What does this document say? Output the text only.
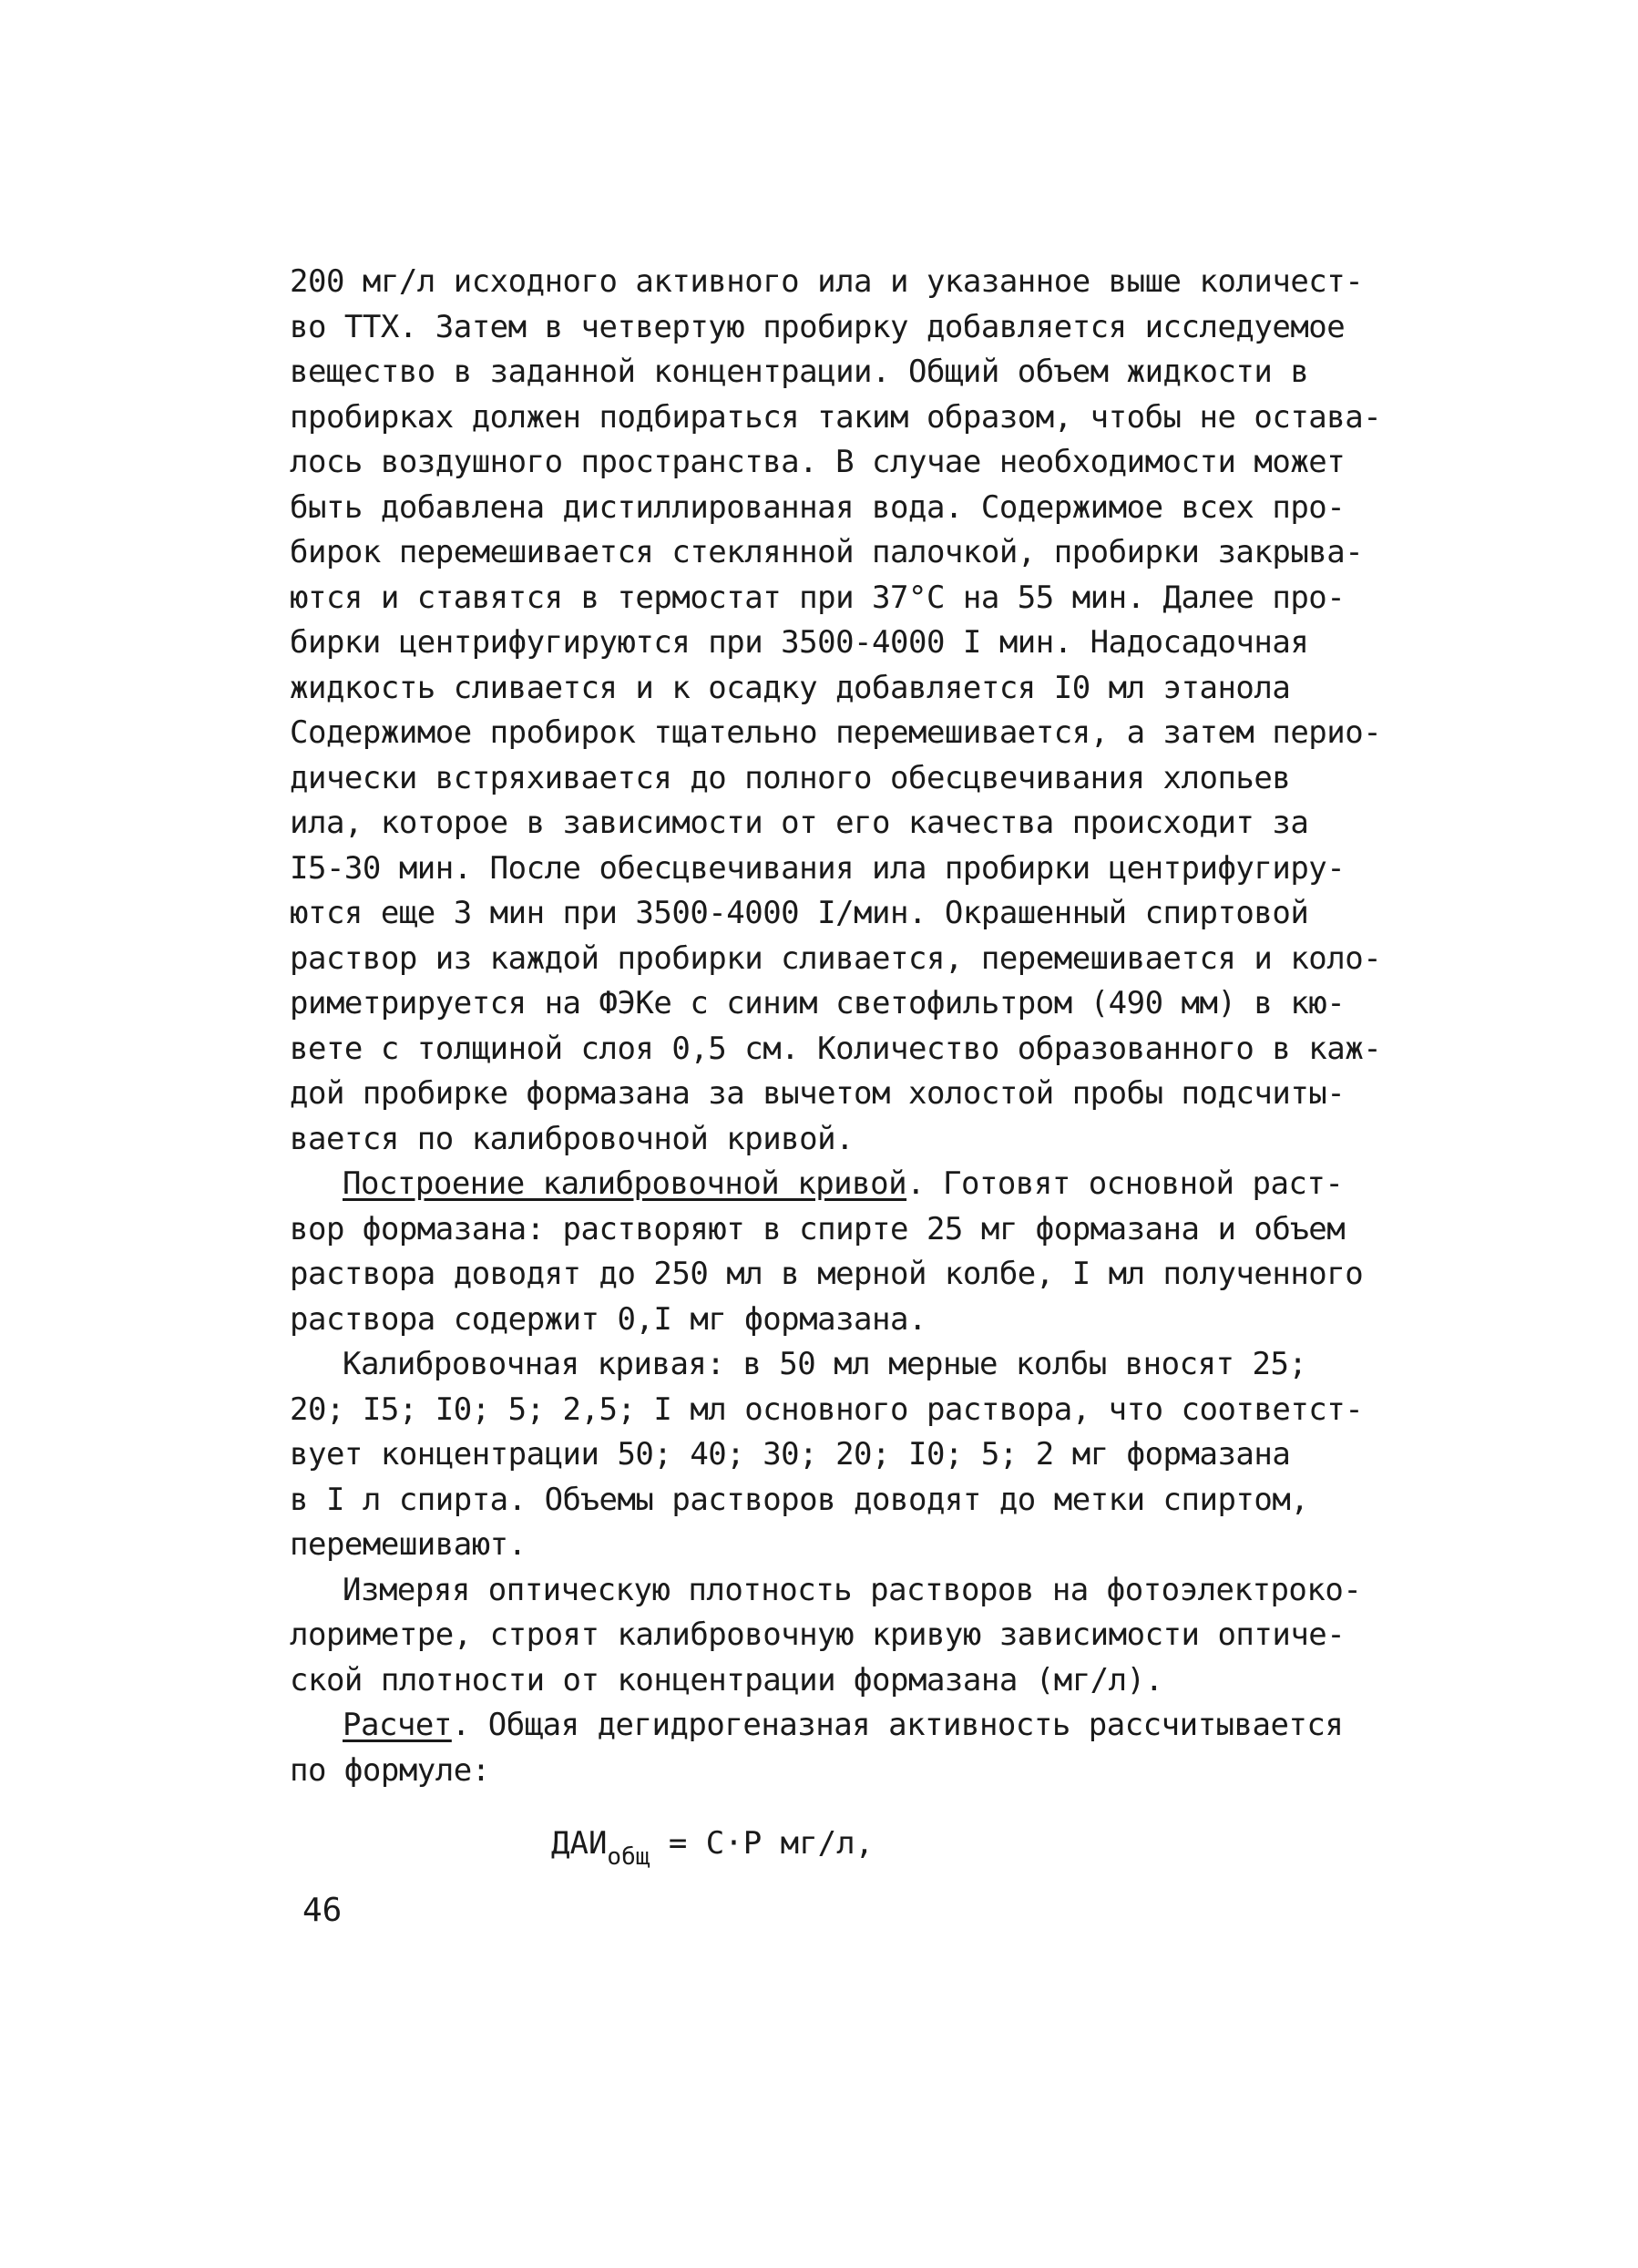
200 мг/л исходного активного ила и указанное выше количест-
во ТТХ. Затем в четвертую пробирку добавляется исследуемое
вещество в заданной концентрации. Общий объем жидкости в
пробирках должен подбираться таким образом, чтобы не остава-
лось воздушного пространства. В случае необходимости может
быть добавлена дистиллированная вода. Содержимое всех про-
бирок перемешивается стеклянной палочкой, пробирки закрыва-
ются и ставятся в термостат при 37°С на 55 мин. Далее про-
бирки центрифугируются при 3500-4000 I мин. Надосадочная
жидкость сливается и к осадку добавляется I0 мл этанола
Содержимое пробирок тщательно перемешивается, а затем перио-
дически встряхивается до полного обесцвечивания хлопьев
ила, которое в зависимости от его качества происходит за
I5-30 мин. После обесцвечивания ила пробирки центрифугиру-
ются еще 3 мин при 3500-4000 I/мин. Окрашенный спиртовой
раствор из каждой пробирки сливается, перемешивается и коло-
риметрируется на ФЭКе с синим светофильтром (490 мм) в кю-
вете с толщиной слоя 0,5 см. Количество образованного в каж-
дой пробирке формазана за вычетом холостой пробы подсчиты-
вается по калибровочной кривой.
Построение калибровочной кривой. Готовят основной раст-
вор формазана: растворяют в спирте 25 мг формазана и объем
раствора доводят до 250 мл в мерной колбе, I мл полученного
раствора содержит 0,I мг формазана.
Калибровочная кривая: в 50 мл мерные колбы вносят 25;
20; I5; I0; 5; 2,5; I мл основного раствора, что соответст-
вует концентрации 50; 40; 30; 20; I0; 5; 2 мг формазана
в I л спирта. Объемы растворов доводят до метки спиртом,
перемешивают.
Измеряя оптическую плотность растворов на фотоэлектроко-
лориметре, строят калибровочную кривую зависимости оптиче-
ской плотности от концентрации формазана (мг/л).
Расчет. Общая дегидрогеназная активность рассчитывается
по формуле:
$ДАИ_{общ} = С\cdot Р$ мг/л,
46
